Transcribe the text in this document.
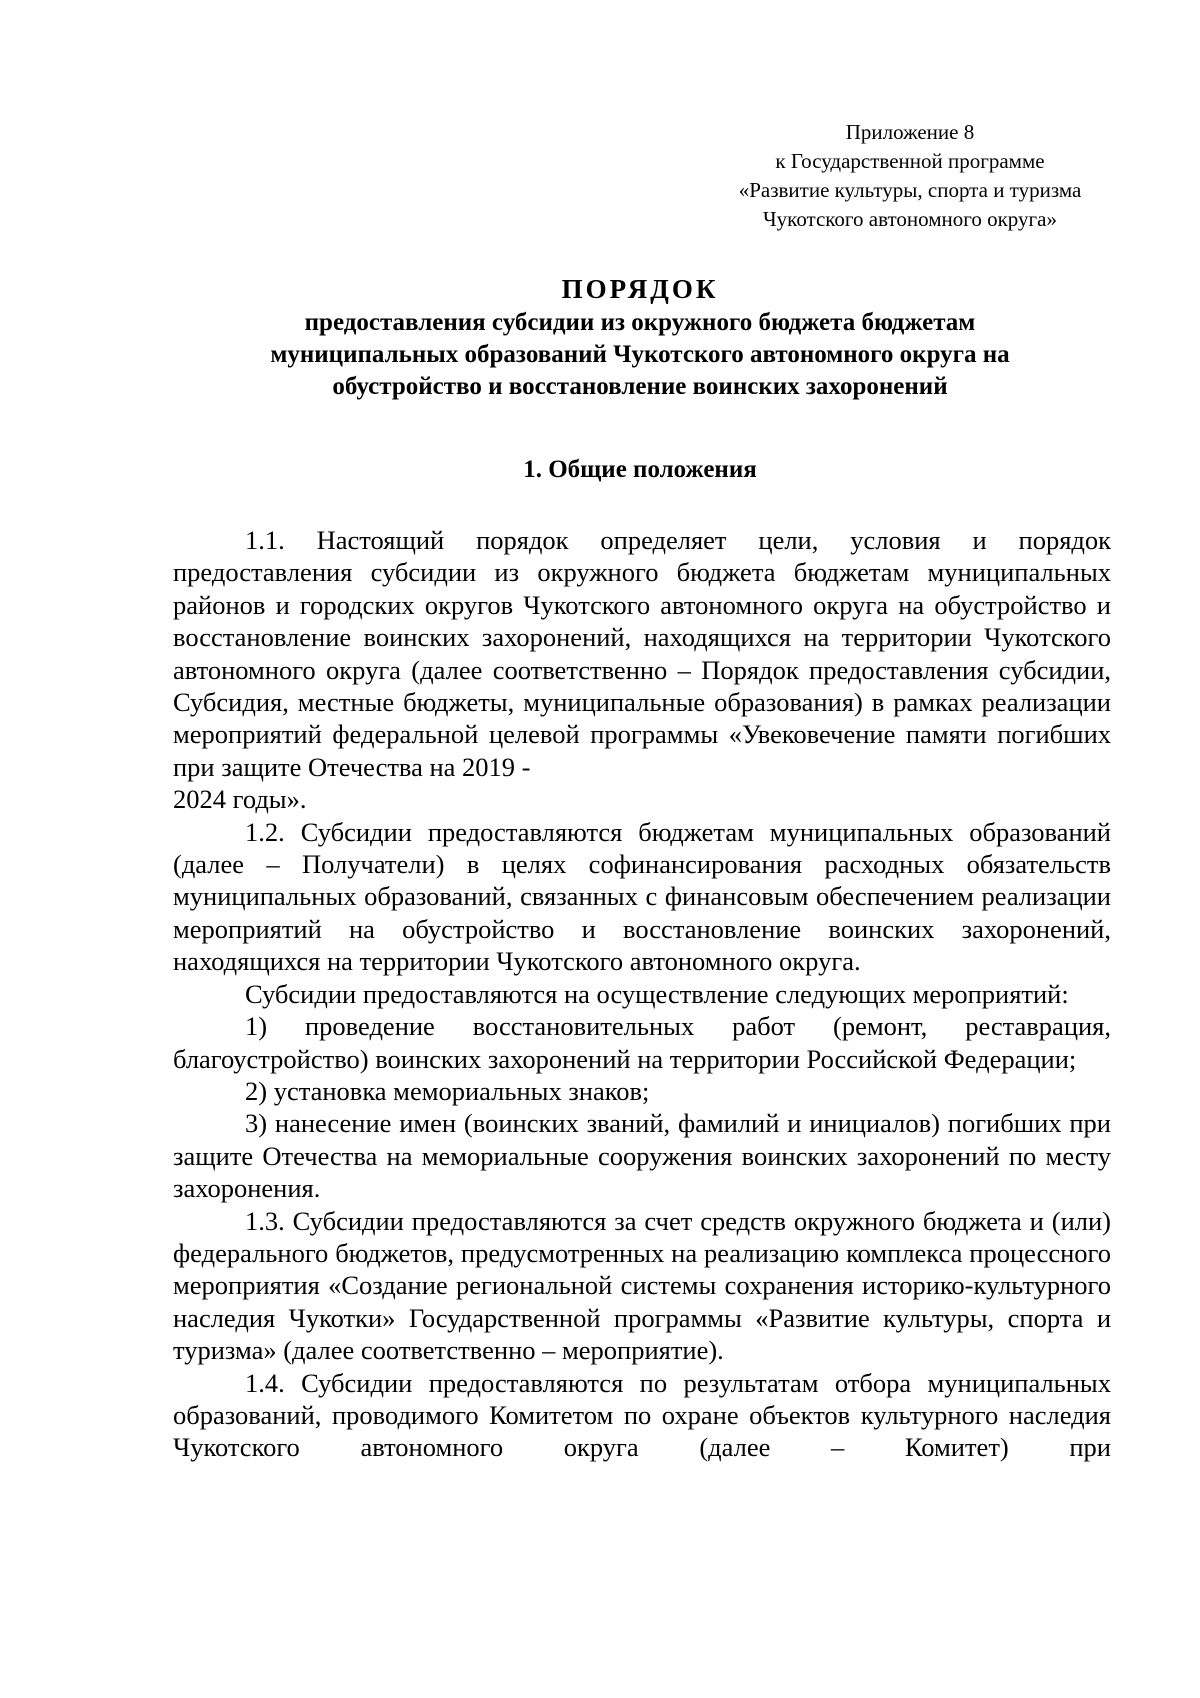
Приложение 8
к Государственной программе
«Развитие культуры, спорта и туризма
Чукотского автономного округа»
ПОРЯДОК
предоставления субсидии из окружного бюджета бюджетам
муниципальных образований Чукотского автономного округа на
обустройство и восстановление воинских захоронений
1. Общие положения

1.1. Настоящий порядок определяет цели, условия и порядок предоставления субсидии из окружного бюджета бюджетам муниципальных районов и городских округов Чукотского автономного округа на обустройство и восстановление воинских захоронений, находящихся на территории Чукотского автономного округа (далее соответственно – Порядок предоставления субсидии, Субсидия, местные бюджеты, муниципальные образования) в рамках реализации мероприятий федеральной целевой программы «Увековечение памяти погибших при защите Отечества на 2019 -

2024 годы».

1.2. Субсидии предоставляются бюджетам муниципальных образований (далее – Получатели) в целях софинансирования расходных обязательств муниципальных образований, связанных с финансовым обеспечением реализации мероприятий на обустройство и восстановление воинских захоронений, находящихся на территории Чукотского автономного округа.

Субсидии предоставляются на осуществление следующих мероприятий:

1) проведение восстановительных работ (ремонт, реставрация, благоустройство) воинских захоронений на территории Российской Федерации;

2) установка мемориальных знаков;

3) нанесение имен (воинских званий, фамилий и инициалов) погибших при защите Отечества на мемориальные сооружения воинских захоронений по месту захоронения.

1.3. Субсидии предоставляются за счет средств окружного бюджета и (или) федерального бюджетов, предусмотренных на реализацию комплекса процессного мероприятия «Создание региональной системы сохранения историко-культурного наследия Чукотки» Государственной программы «Развитие культуры, спорта и туризма» (далее соответственно – мероприятие).

1.4. Субсидии предоставляются по результатам отбора муниципальных образований, проводимого Комитетом по охране объектов культурного наследия Чукотского автономного округа (далее – Комитет) при
